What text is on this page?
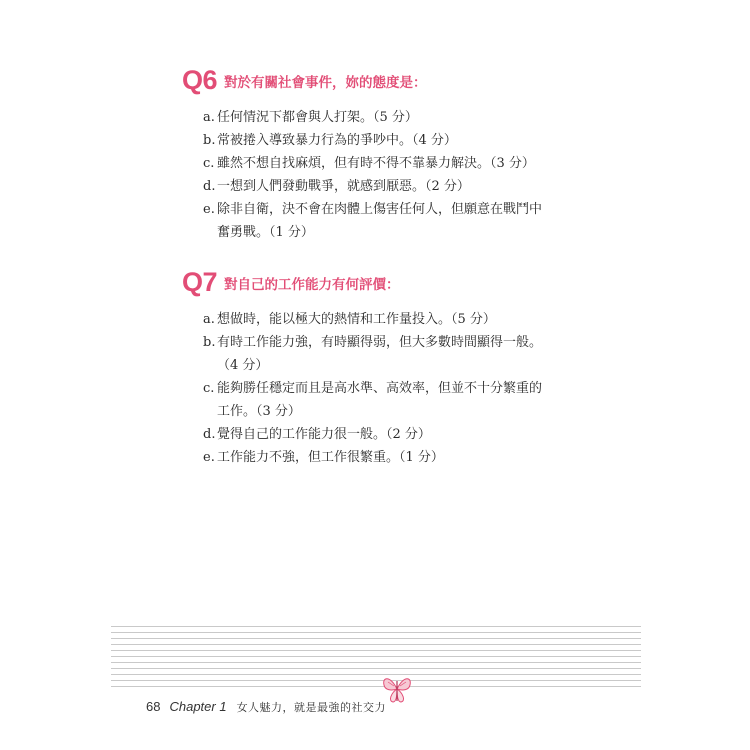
Q6 對於有關社會事件，妳的態度是：
a. 任何情況下都會與人打架。（5 分）
b. 常被捲入導致暴力行為的爭吵中。（4 分）
c. 雖然不想自找麻煩，但有時不得不靠暴力解決。（3 分）
d. 一想到人們發動戰爭，就感到厭惡。（2 分）
e. 除非自衛，決不會在肉體上傷害任何人，但願意在戰鬥中奮勇戰。（1 分）
Q7 對自己的工作能力有何評價：
a. 想做時，能以極大的熱情和工作量投入。（5 分）
b. 有時工作能力強，有時顯得弱，但大多數時間顯得一般。（4 分）
c. 能夠勝任穩定而且是高水準、高效率，但並不十分繁重的工作。（3 分）
d. 覺得自己的工作能力很一般。（2 分）
e. 工作能力不強，但工作很繁重。（1 分）
68 Chapter 1 女人魅力，就是最強的社交力
